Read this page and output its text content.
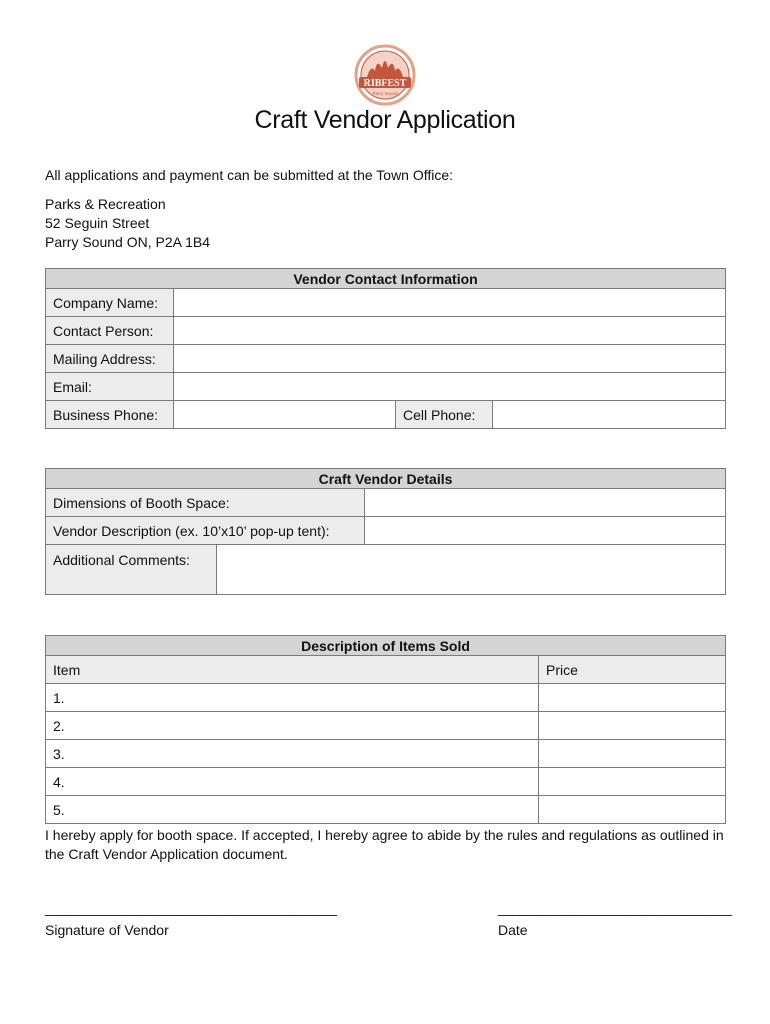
RIBFEST
Parry Sound
Craft Vendor Application
All applications and payment can be submitted at the Town Office:
Parks & Recreation
52 Seguin Street
Parry Sound ON, P2A 1B4
Vendor Contact Information			
Company Name:			
Contact Person:			
Mailing Address:			
Email:			
Business Phone:		Cell Phone:	
Craft Vendor Details		
Dimensions of Booth Space:		
Vendor Description (ex. 10’x10’ pop-up tent):		
Additional Comments:		
Description of Items Sold	
Item	Price
1.	
2.	
3.	
4.	
5.	
I hereby apply for booth space. If accepted, I hereby agree to abide by the rules and regulations as outlined in the Craft Vendor Application document.
________________________________________
Signature of Vendor
________________________________
Date
